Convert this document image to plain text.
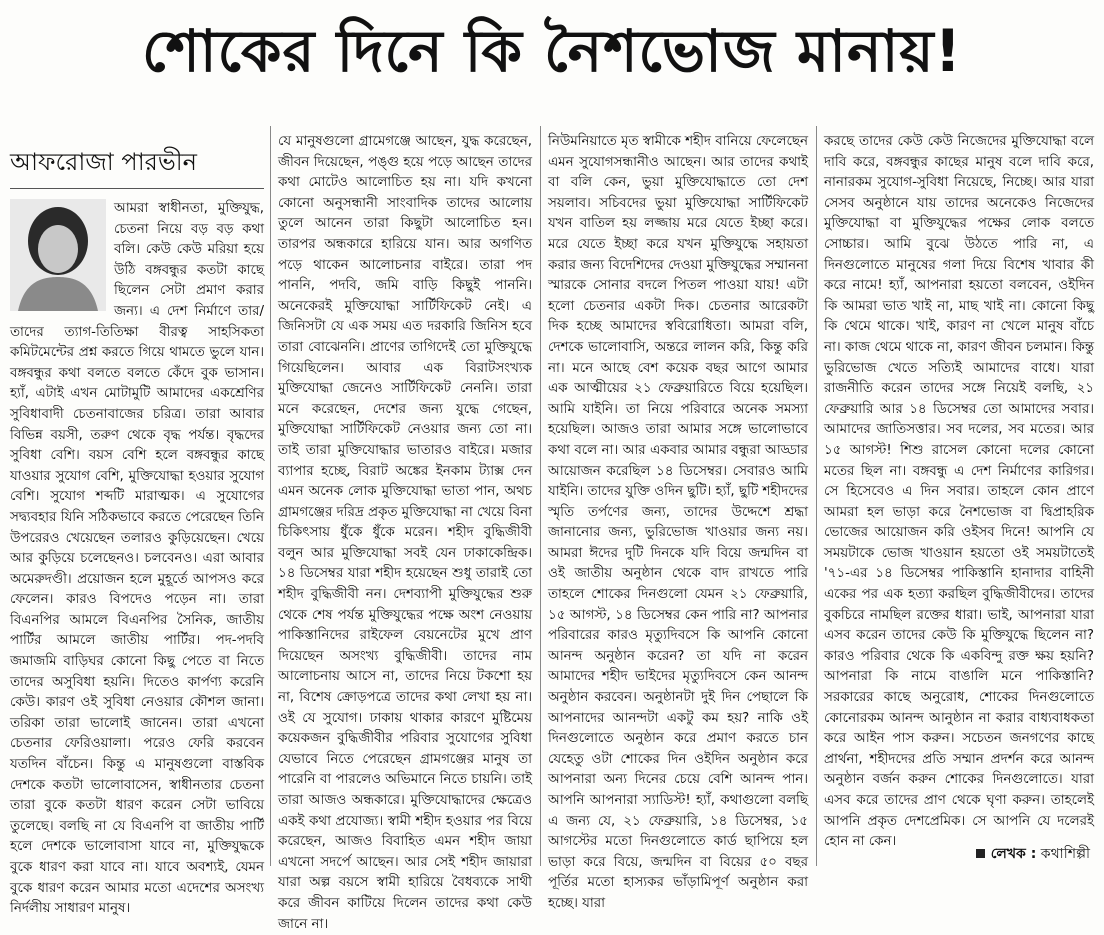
শোকের দিনে কি নৈশভোজ মানায়!
আফরোজা পারভীন

আমরা স্বাধীনতা, মুক্তিযুদ্ধ, চেতনা নিয়ে বড় বড় কথা বলি। কেউ কেউ মরিয়া হয়ে উঠি বঙ্গবন্ধুর কতটা কাছে ছিলেন সেটা প্রমাণ করার জন্য। এ দেশ নির্মাণে তার/তাদের ত্যাগ-তিতিক্ষা বীরত্ব সাহসিকতা কমিটমেন্টের প্রশ্ন করতে গিয়ে থামতে ভুলে যান। বঙ্গবন্ধুর কথা বলতে বলতে কেঁদে বুক ভাসান। হ্যাঁ, এটাই এখন মোটামুটি আমাদের একশ্রেণির সুবিধাবাদী চেতনাবাজের চরিত্র। তারা আবার বিভিন্ন বয়সী, তরুণ থেকে বৃদ্ধ পর্যন্ত। বৃদ্ধদের সুবিধা বেশি। বয়স বেশি হলে বঙ্গবন্ধুর কাছে যাওয়ার সুযোগ বেশি, মুক্তিযোদ্ধা হওয়ার সুযোগ বেশি। সুযোগ শব্দটি মারাত্মক। এ সুযোগের সদ্ব্যবহার যিনি সঠিকভাবে করতে পেরেছেন তিনি উপরেরও খেয়েছেন তলারও কুড়িয়েছেন। খেয়ে আর কুড়িয়ে চলেছেনও। চলবেনও। এরা আবার অমেরুদণ্ডী। প্রয়োজন হলে মুহূর্তে আপসও করে ফেলেন। কারও বিপদেও পড়েন না। তারা বিএনপির আমলে বিএনপির সৈনিক, জাতীয় পার্টির আমলে জাতীয় পার্টির। পদ-পদবি জমাজমি বাড়িঘর কোনো কিছু পেতে বা নিতে তাদের অসুবিধা হয়নি। দিতেও কার্পণ্য করেনি কেউ। কারণ ওই সুবিধা নেওয়ার কৌশল জানা। তরিকা তারা ভালোই জানেন। তারা এখনো চেতনার ফেরিওয়ালা। পরেও ফেরি করবেন যতদিন বাঁচেন। কিন্তু এ মানুষগুলো বাস্তবিক দেশকে কতটা ভালোবাসেন, স্বাধীনতার চেতনা তারা বুকে কতটা ধারণ করেন সেটা ভাবিয়ে তুলেছে। বলছি না যে বিএনপি বা জাতীয় পার্টি হলে দেশকে ভালোবাসা যাবে না, মুক্তিযুদ্ধকে বুকে ধারণ করা যাবে না। যাবে অবশ্যই, যেমন বুকে ধারণ করেন আমার মতো এদেশের অসংখ্য নির্দলীয় সাধারণ মানুষ।

যে মানুষগুলো গ্রামেগঞ্জে আছেন, যুদ্ধ করেছেন, জীবন দিয়েছেন, পঙ্গু হয়ে পড়ে আছেন তাদের কথা মোটেও আলোচিত হয় না। যদি কখনো কোনো অনুসন্ধানী সাংবাদিক তাদের আলোয় তুলে আনেন তারা কিছুটা আলোচিত হন। তারপর অন্ধকারে হারিয়ে যান। আর অগণিত পড়ে থাকেন আলোচনার বাইরে। তারা পদ পাননি, পদবি, জমি বাড়ি কিছুই পাননি। অনেকেরই মুক্তিযোদ্ধা সার্টিফিকেট নেই। এ জিনিসটা যে এক সময় এত দরকারি জিনিস হবে তারা বোঝেননি। প্রাণের তাগিদেই তো মুক্তিযুদ্ধে গিয়েছিলেন। আবার এক বিরাটসংখ্যক মুক্তিযোদ্ধা জেনেও সার্টিফিকেট নেননি। তারা মনে করেছেন, দেশের জন্য যুদ্ধে গেছেন, মুক্তিযোদ্ধা সার্টিফিকেট নেওয়ার জন্য তো না। তাই তারা মুক্তিযোদ্ধার ভাতারও বাইরে। মজার ব্যাপার হচ্ছে, বিরাট অঙ্কের ইনকাম ট্যাক্স দেন এমন অনেক লোক মুক্তিযোদ্ধা ভাতা পান, অথচ গ্রামগঞ্জের দরিদ্র প্রকৃত মুক্তিযোদ্ধা না খেয়ে বিনা চিকিৎসায় ধুঁকে ধুঁকে মরেন। শহীদ বুদ্ধিজীবী বলুন আর মুক্তিযোদ্ধা সবই যেন ঢাকাকেন্দ্রিক। ১৪ ডিসেম্বর যারা শহীদ হয়েছেন শুধু তারাই তো শহীদ বুদ্ধিজীবী নন। দেশব্যাপী মুক্তিযুদ্ধের শুরু থেকে শেষ পর্যন্ত মুক্তিযুদ্ধের পক্ষে অংশ নেওয়ায় পাকিস্তানিদের রাইফেল বেয়নেটের মুখে প্রাণ দিয়েছেন অসংখ্য বুদ্ধিজীবী। তাদের নাম আলোচনায় আসে না, তাদের নিয়ে টকশো হয় না, বিশেষ ক্রোড়পত্রে তাদের কথা লেখা হয় না। ওই যে সুযোগ। ঢাকায় থাকার কারণে মুষ্টিমেয় কয়েকজন বুদ্ধিজীবীর পরিবার সুযোগের সুবিধা যেভাবে নিতে পেরেছেন গ্রামগঞ্জের মানুষ তা পারেনি বা পারলেও অভিমানে নিতে চায়নি। তাই তারা আজও অন্ধকারে। মুক্তিযোদ্ধাদের ক্ষেত্রেও একই কথা প্রযোজ্য। স্বামী শহীদ হওয়ার পর বিয়ে করেছেন, আজও বিবাহিত এমন শহীদ জায়া এখনো সদর্পে আছেন। আর সেই শহীদ জায়ারা যারা অল্প বয়সে স্বামী হারিয়ে বৈধব্যকে সাথী করে জীবন কাটিয়ে দিলেন তাদের কথা কেউ জানে না।

নিউমনিয়াতে মৃত স্বামীকে শহীদ বানিয়ে ফেলেছেন এমন সুযোগসন্ধানীও আছেন। আর তাদের কথাই বা বলি কেন, ভুয়া মুক্তিযোদ্ধাতে তো দেশ সয়লাব। সচিবদের ভুয়া মুক্তিযোদ্ধা সার্টিফিকেট যখন বাতিল হয় লজ্জায় মরে যেতে ইচ্ছা করে। মরে যেতে ইচ্ছা করে যখন মুক্তিযুদ্ধে সহায়তা করার জন্য বিদেশিদের দেওয়া মুক্তিযুদ্ধের সম্মাননা স্মারকে সোনার বদলে পিতল পাওয়া যায়! এটা হলো চেতনার একটা দিক। চেতনার আরেকটা দিক হচ্ছে আমাদের স্ববিরোধিতা। আমরা বলি, দেশকে ভালোবাসি, অন্তরে লালন করি, কিন্তু করি না। মনে আছে বেশ কয়েক বছর আগে আমার এক আত্মীয়ের ২১ ফেব্রুয়ারিতে বিয়ে হয়েছিল। আমি যাইনি। তা নিয়ে পরিবারে অনেক সমস্যা হয়েছিল। আজও তারা আমার সঙ্গে ভালোভাবে কথা বলে না। আর একবার আমার বন্ধুরা আড্ডার আয়োজন করেছিল ১৪ ডিসেম্বর। সেবারও আমি যাইনি। তাদের যুক্তি ওদিন ছুটি। হ্যাঁ, ছুটি শহীদদের স্মৃতি তর্পণের জন্য, তাদের উদ্দেশে শ্রদ্ধা জানানোর জন্য, ভুরিভোজ খাওয়ার জন্য নয়। আমরা ঈদের দুটি দিনকে যদি বিয়ে জন্মদিন বা ওই জাতীয় অনুষ্ঠান থেকে বাদ রাখতে পারি তাহলে শোকের দিনগুলো যেমন ২১ ফেব্রুয়ারি, ১৫ আগস্ট, ১৪ ডিসেম্বর কেন পারি না? আপনার পরিবারের কারও মৃত্যুদিবসে কি আপনি কোনো আনন্দ অনুষ্ঠান করেন? তা যদি না করেন আমাদের শহীদ ভাইদের মৃত্যুদিবসে কেন আনন্দ অনুষ্ঠান করবেন। অনুষ্ঠানটা দুই দিন পেছালে কি আপনাদের আনন্দটা একটু কম হয়? নাকি ওই দিনগুলোতে অনুষ্ঠান করে প্রমাণ করতে চান যেহেতু ওটা শোকের দিন ওইদিন অনুষ্ঠান করে আপনারা অন্য দিনের চেয়ে বেশি আনন্দ পান। আপনি আপনারা স্যাডিস্ট! হ্যাঁ, কথাগুলো বলছি এ জন্য যে, ২১ ফেব্রুয়ারি, ১৪ ডিসেম্বর, ১৫ আগস্টের মতো দিনগুলোতে কার্ড ছাপিয়ে হল ভাড়া করে বিয়ে, জন্মদিন বা বিয়ের ৫০ বছর পূর্তির মতো হাস্যকর ভাঁড়ামিপূর্ণ অনুষ্ঠান করা হচ্ছে। যারা

করছে তাদের কেউ কেউ নিজেদের মুক্তিযোদ্ধা বলে দাবি করে, বঙ্গবন্ধুর কাছের মানুষ বলে দাবি করে, নানারকম সুযোগ-সুবিধা নিয়েছে, নিচ্ছে। আর যারা সেসব অনুষ্ঠানে যায় তাদের অনেকেও নিজেদের মুক্তিযোদ্ধা বা মুক্তিযুদ্ধের পক্ষের লোক বলতে সোচ্চার। আমি বুঝে উঠতে পারি না, এ দিনগুলোতে মানুষের গলা দিয়ে বিশেষ খাবার কী করে নামে! হ্যাঁ, আপনারা হয়তো বলবেন, ওইদিন কি আমরা ভাত খাই না, মাছ খাই না। কোনো কিছু কি থেমে থাকে। খাই, কারণ না খেলে মানুষ বাঁচে না। কাজ থেমে থাকে না, কারণ জীবন চলমান। কিন্তু ভুরিভোজ খেতে সত্যিই আমাদের বাধে। যারা রাজনীতি করেন তাদের সঙ্গে নিয়েই বলছি, ২১ ফেব্রুয়ারি আর ১৪ ডিসেম্বর তো আমাদের সবার। আমাদের জাতিসত্তার। সব দলের, সব মতের। আর ১৫ আগস্ট! শিশু রাসেল কোনো দলের কোনো মতের ছিল না। বঙ্গবন্ধু এ দেশ নির্মাণের কারিগর। সে হিসেবেও এ দিন সবার। তাহলে কোন প্রাণে আমরা হল ভাড়া করে নৈশভোজ বা দ্বিপ্রাহরিক ভোজের আয়োজন করি ওইসব দিনে! আপনি যে সময়টাকে ভোজ খাওয়ান হয়তো ওই সময়টাতেই '৭১-এর ১৪ ডিসেম্বর পাকিস্তানি হানাদার বাহিনী একের পর এক হত্যা করছিল বুদ্ধিজীবীদের। তাদের বুকচিরে নামছিল রক্তের ধারা। ভাই, আপনারা যারা এসব করেন তাদের কেউ কি মুক্তিযুদ্ধে ছিলেন না? কারও পরিবার থেকে কি একবিন্দু রক্ত ক্ষয় হয়নি? আপনারা কি নামে বাঙালি মনে পাকিস্তানি? সরকারের কাছে অনুরোধ, শোকের দিনগুলোতে কোনোরকম আনন্দ আনুষ্ঠান না করার বাধ্যবাধকতা করে আইন পাস করুন। সচেতন জনগণের কাছে প্রার্থনা, শহীদদের প্রতি সম্মান প্রদর্শন করে আনন্দ অনুষ্ঠান বর্জন করুন শোকের দিনগুলোতে। যারা এসব করে তাদের প্রাণ থেকে ঘৃণা করুন। তাহলেই আপনি প্রকৃত দেশপ্রেমিক। সে আপনি যে দলেরই হোন না কেন।

লেখক : কথাশিল্পী
